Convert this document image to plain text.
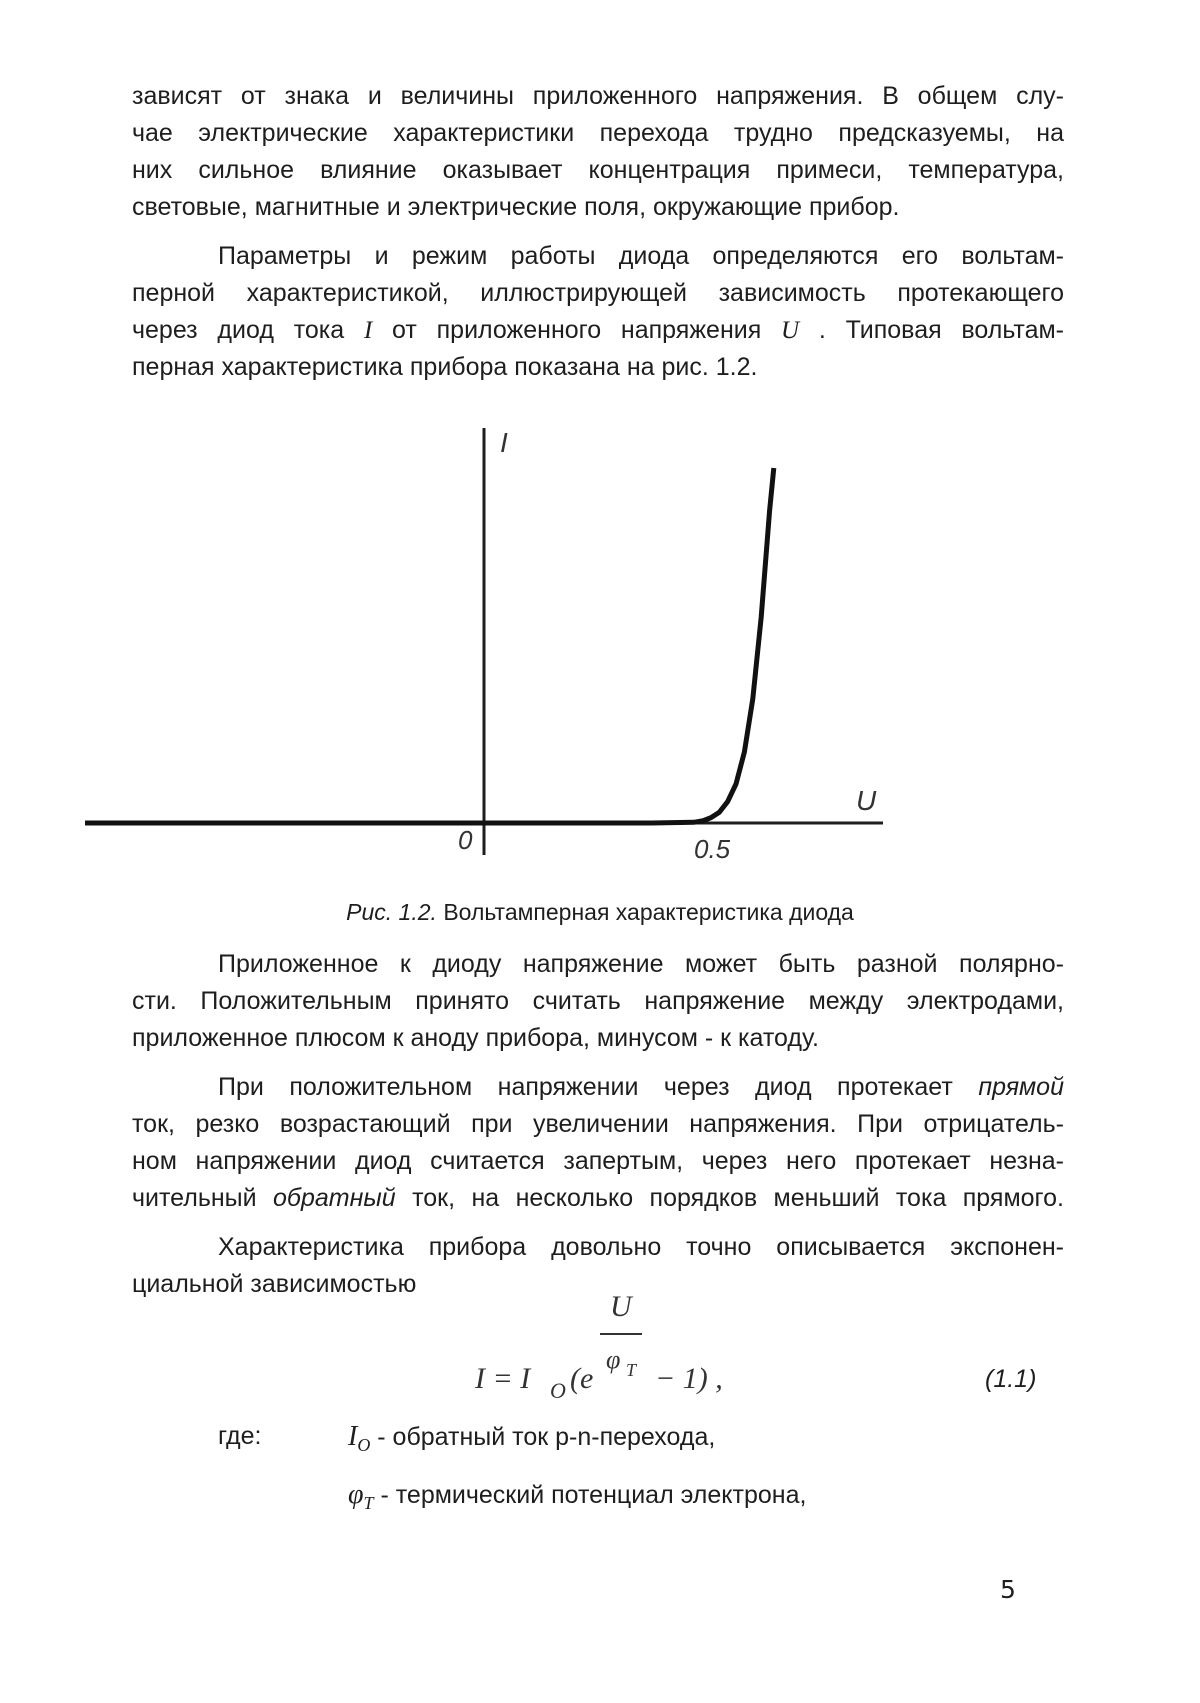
зависят от знака и величины приложенного напряжения. В общем слу-
чае электрические характеристики перехода трудно предсказуемы, на
них сильное влияние оказывает концентрация примеси, температура,
световые, магнитные и электрические поля, окружающие прибор.
Параметры и режим работы диода определяются его вольтам-
перной характеристикой, иллюстрирующей зависимость протекающего
через диод тока I от приложенного напряжения U . Типовая вольтам-
перная характеристика прибора показана на рис. 1.2.
I
U
0	0.5
Рис. 1.2. Вольтамперная характеристика диода
Приложенное к диоду напряжение может быть разной полярно-
сти. Положительным принято считать напряжение между электродами,
приложенное плюсом к аноду прибора, минусом - к катоду.
При положительном напряжении через диод протекает прямой
ток, резко возрастающий при увеличении напряжения. При отрицатель-
ном напряжении диод считается запертым, через него протекает незна-
чительный обратный ток, на несколько порядков меньший тока прямого.
Характеристика прибора довольно точно описывается экспонен-
циальной зависимостью
U
I = I O (e
φ T − 1) ,	(1.1)
где:	$I_O$ - обратный ток p-n-перехода,
$\varphi_T$ - термический потенциал электрона,
5
